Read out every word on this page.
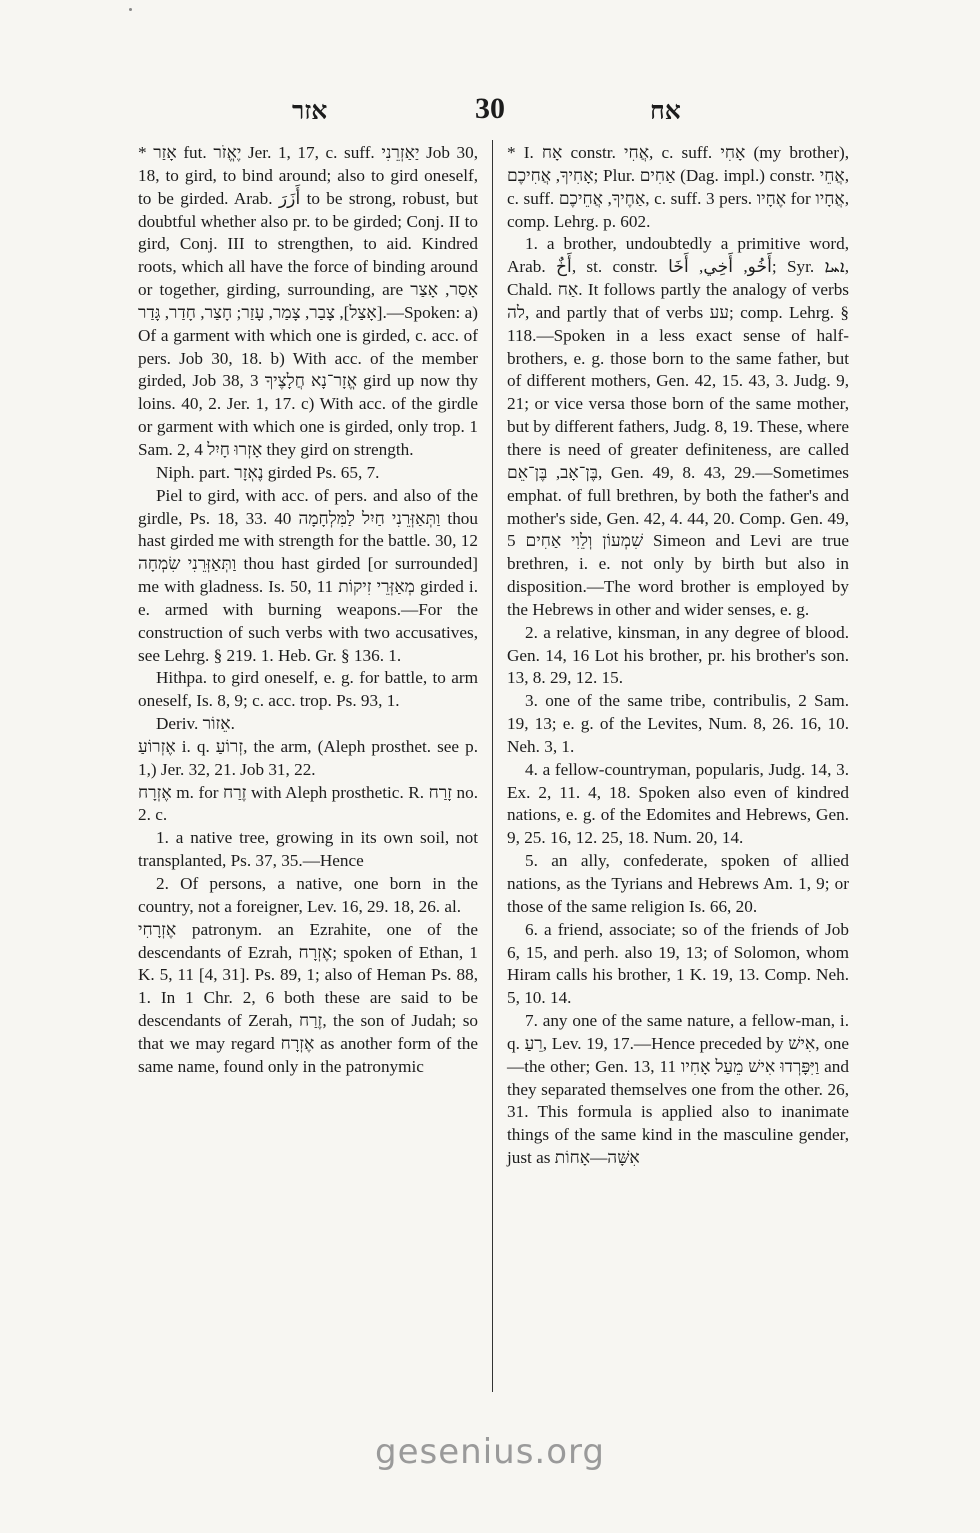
אזר	30	אח

* אָזַר fut. יֶאֱזֹר Jer. 1, 17, c. suff. יַאַזְרֵנִי Job 30, 18, to gird, to bind around; also to gird oneself, to be girded. Arab. أَزَرَ to be strong, robust, but doubtful whether also pr. to be girded; Conj. II to gird, Conj. III to strengthen, to aid. Kindred roots, which all have the force of binding around or together, girding, surrounding, are אָסַר, אָצַר [אָצַל], צָבַר, צָמַר, עָזַר; חָצַר, חָדַר, גָּדַר.—Spoken: a) Of a garment with which one is girded, c. acc. of pers. Job 30, 18. b) With acc. of the member girded, Job 38, 3 אֱזָר־נָא חֲלָצֶיךָ gird up now thy loins. 40, 2. Jer. 1, 17. c) With acc. of the girdle or garment with which one is girded, only trop. 1 Sam. 2, 4 אָזְרוּ חָיִל they gird on strength.

Niph. part. נֶאְזָר girded Ps. 65, 7.

Piel to gird, with acc. of pers. and also of the girdle, Ps. 18, 33. 40 וַתְּאַזְּרֵנִי חַיִל לַמִּלְחָמָה thou hast girded me with strength for the battle. 30, 12 וַתְּאַזְּרֵנִי שִׂמְחָה thou hast girded [or surrounded] me with gladness. Is. 50, 11 מְאַזְּרֵי זִיקוֹת girded i. e. armed with burning weapons.—For the construction of such verbs with two accusatives, see Lehrg. § 219. 1. Heb. Gr. § 136. 1.

Hithpa. to gird oneself, e. g. for battle, to arm oneself, Is. 8, 9; c. acc. trop. Ps. 93, 1.

Deriv. אֵזוֹר.

אֶזְרוֹעַ i. q. זְרוֹעַ, the arm, (Aleph prosthet. see p. 1,) Jer. 32, 21. Job 31, 22.

אֶזְרָח m. for זֶרַח with Aleph prosthetic. R. זָרַח no. 2. c.

1. a native tree, growing in its own soil, not transplanted, Ps. 37, 35.—Hence

2. Of persons, a native, one born in the country, not a foreigner, Lev. 16, 29. 18, 26. al.

אֶזְרָחִי patronym. an Ezrahite, one of the descendants of Ezrah, אֶזְרָח; spoken of Ethan, 1 K. 5, 11 [4, 31]. Ps. 89, 1; also of Heman Ps. 88, 1. In 1 Chr. 2, 6 both these are said to be descendants of Zerah, זֶרַח, the son of Judah; so that we may regard אֶזְרָח as another form of the same name, found only in the patronymic

* I. אָח constr. אֲחִי, c. suff. אָחִי (my brother), אָחִיךָ, אֲחִיכֶם; Plur. אַחִים (Dag. impl.) constr. אֲחֵי, c. suff. אַחֶיךָ, אֲחֵיכֶם, c. suff. 3 pers. אֶחָיו for אֲחָיו, comp. Lehrg. p. 602.

1. a brother, undoubtedly a primitive word, Arab. أَخٌ, st. constr. أَخُو, أَخِي, أَخَا; Syr. ܐܚܐ, Chald. אַח. It follows partly the analogy of verbs לה, and partly that of verbs עע; comp. Lehrg. § 118.—Spoken in a less exact sense of half-brothers, e. g. those born to the same father, but of different mothers, Gen. 42, 15. 43, 3. Judg. 9, 21; or vice versa those born of the same mother, but by different fathers, Judg. 8, 19. These, where there is need of greater definiteness, are called בֶּן־אָב, בֶּן־אֵם, Gen. 49, 8. 43, 29.—Sometimes emphat. of full brethren, by both the father's and mother's side, Gen. 42, 4. 44, 20. Comp. Gen. 49, 5 שִׁמְעוֹן וְלֵוִי אַחִים Simeon and Levi are true brethren, i. e. not only by birth but also in disposition.—The word brother is employed by the Hebrews in other and wider senses, e. g.

2. a relative, kinsman, in any degree of blood. Gen. 14, 16 Lot his brother, pr. his brother's son. 13, 8. 29, 12. 15.

3. one of the same tribe, contribulis, 2 Sam. 19, 13; e. g. of the Levites, Num. 8, 26. 16, 10. Neh. 3, 1.

4. a fellow-countryman, popularis, Judg. 14, 3. Ex. 2, 11. 4, 18. Spoken also even of kindred nations, e. g. of the Edomites and Hebrews, Gen. 9, 25. 16, 12. 25, 18. Num. 20, 14.

5. an ally, confederate, spoken of allied nations, as the Tyrians and Hebrews Am. 1, 9; or those of the same religion Is. 66, 20.

6. a friend, associate; so of the friends of Job 6, 15, and perh. also 19, 13; of Solomon, whom Hiram calls his brother, 1 K. 19, 13. Comp. Neh. 5, 10. 14.

7. any one of the same nature, a fellow-man, i. q. רֵעַ, Lev. 19, 17.—Hence preceded by אִישׁ, one—the other; Gen. 13, 11 וַיִּפָּרְדוּ אִישׁ מֵעַל אָחִיו and they separated themselves one from the other. 26, 31. This formula is applied also to inanimate things of the same kind in the masculine gender, just as אִשָּׁה—אָחוֹת

gesenius.org
